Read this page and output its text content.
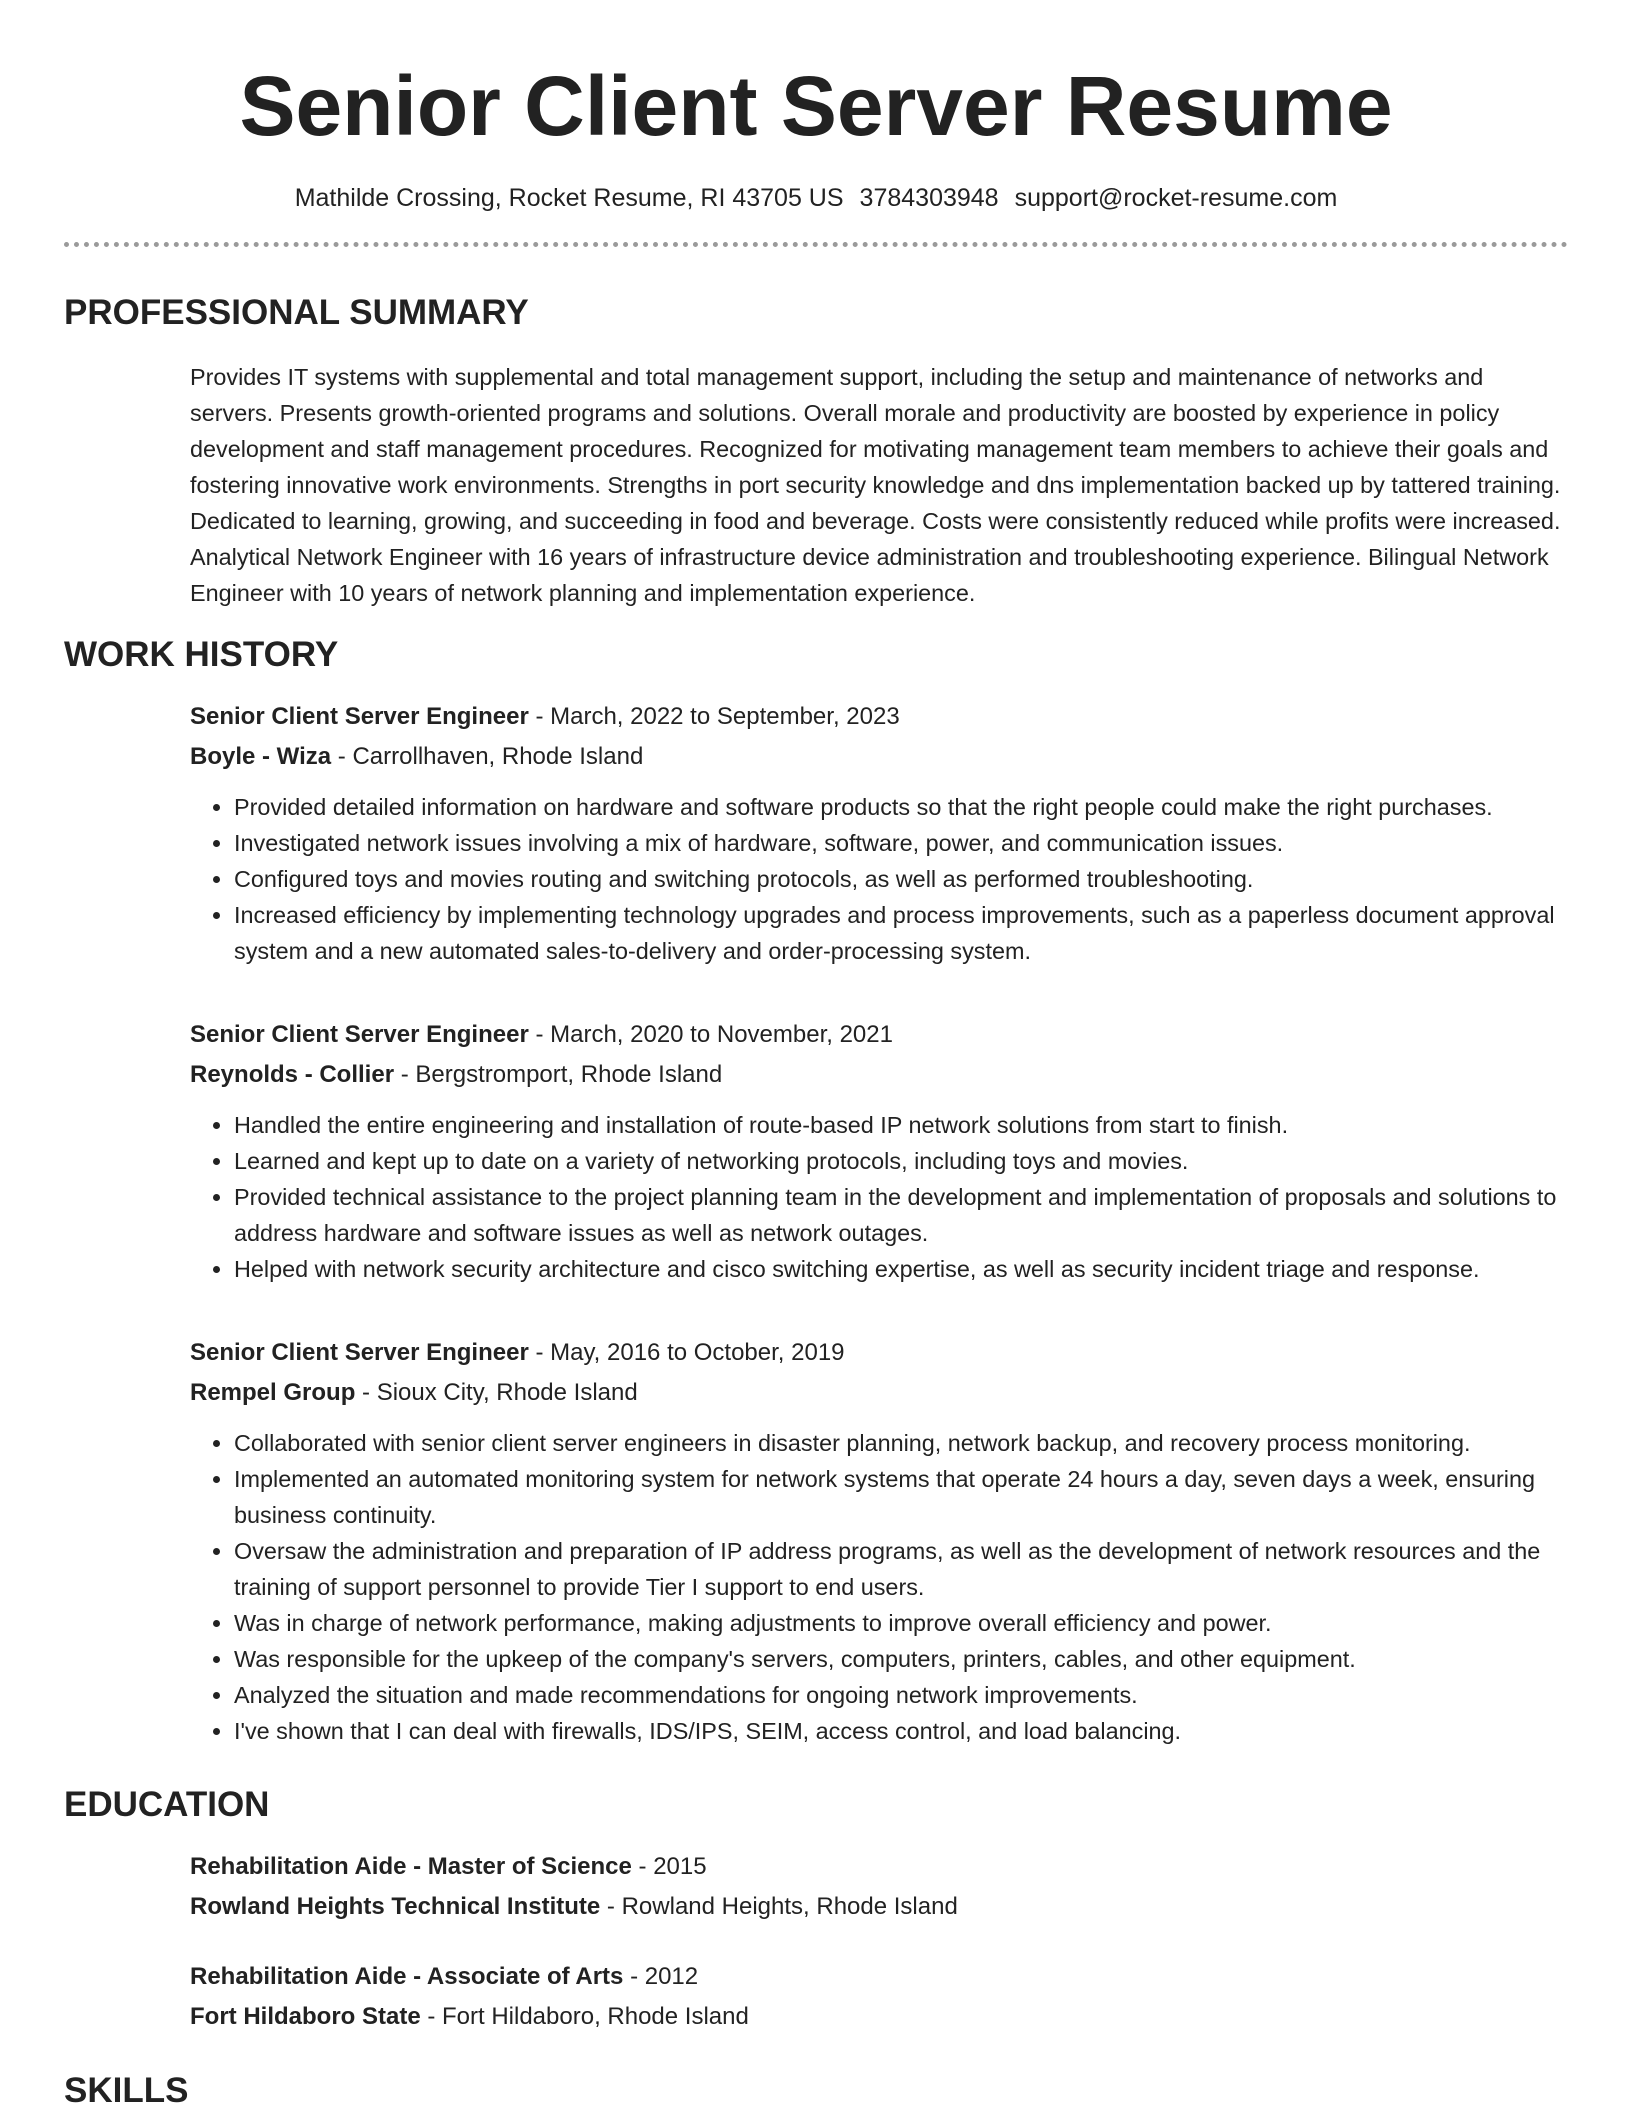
Senior Client Server Resume
Mathilde Crossing, Rocket Resume, RI 43705 US 3784303948 support@rocket-resume.com
PROFESSIONAL SUMMARY

Provides IT systems with supplemental and total management support, including the setup and maintenance of networks and servers. Presents growth-oriented programs and solutions. Overall morale and productivity are boosted by experience in policy development and staff management procedures. Recognized for motivating management team members to achieve their goals and fostering innovative work environments. Strengths in port security knowledge and dns implementation backed up by tattered training. Dedicated to learning, growing, and succeeding in food and beverage. Costs were consistently reduced while profits were increased. Analytical Network Engineer with 16 years of infrastructure device administration and troubleshooting experience. Bilingual Network Engineer with 10 years of network planning and implementation experience.

WORK HISTORY
Senior Client Server Engineer - March, 2022 to September, 2023
Boyle - Wiza - Carrollhaven, Rhode Island
• Provided detailed information on hardware and software products so that the right people could make the right purchases.
• Investigated network issues involving a mix of hardware, software, power, and communication issues.
• Configured toys and movies routing and switching protocols, as well as performed troubleshooting.
• Increased efficiency by implementing technology upgrades and process improvements, such as a paperless document approval system and a new automated sales-to-delivery and order-processing system.
Senior Client Server Engineer - March, 2020 to November, 2021
Reynolds - Collier - Bergstromport, Rhode Island
• Handled the entire engineering and installation of route-based IP network solutions from start to finish.
• Learned and kept up to date on a variety of networking protocols, including toys and movies.
• Provided technical assistance to the project planning team in the development and implementation of proposals and solutions to address hardware and software issues as well as network outages.
• Helped with network security architecture and cisco switching expertise, as well as security incident triage and response.
Senior Client Server Engineer - May, 2016 to October, 2019
Rempel Group - Sioux City, Rhode Island
• Collaborated with senior client server engineers in disaster planning, network backup, and recovery process monitoring.
• Implemented an automated monitoring system for network systems that operate 24 hours a day, seven days a week, ensuring business continuity.
• Oversaw the administration and preparation of IP address programs, as well as the development of network resources and the training of support personnel to provide Tier I support to end users.
• Was in charge of network performance, making adjustments to improve overall efficiency and power.
• Was responsible for the upkeep of the company's servers, computers, printers, cables, and other equipment.
• Analyzed the situation and made recommendations for ongoing network improvements.
• I've shown that I can deal with firewalls, IDS/IPS, SEIM, access control, and load balancing.
EDUCATION
Rehabilitation Aide - Master of Science - 2015
Rowland Heights Technical Institute - Rowland Heights, Rhode Island
Rehabilitation Aide - Associate of Arts - 2012
Fort Hildaboro State - Fort Hildaboro, Rhode Island
SKILLS
